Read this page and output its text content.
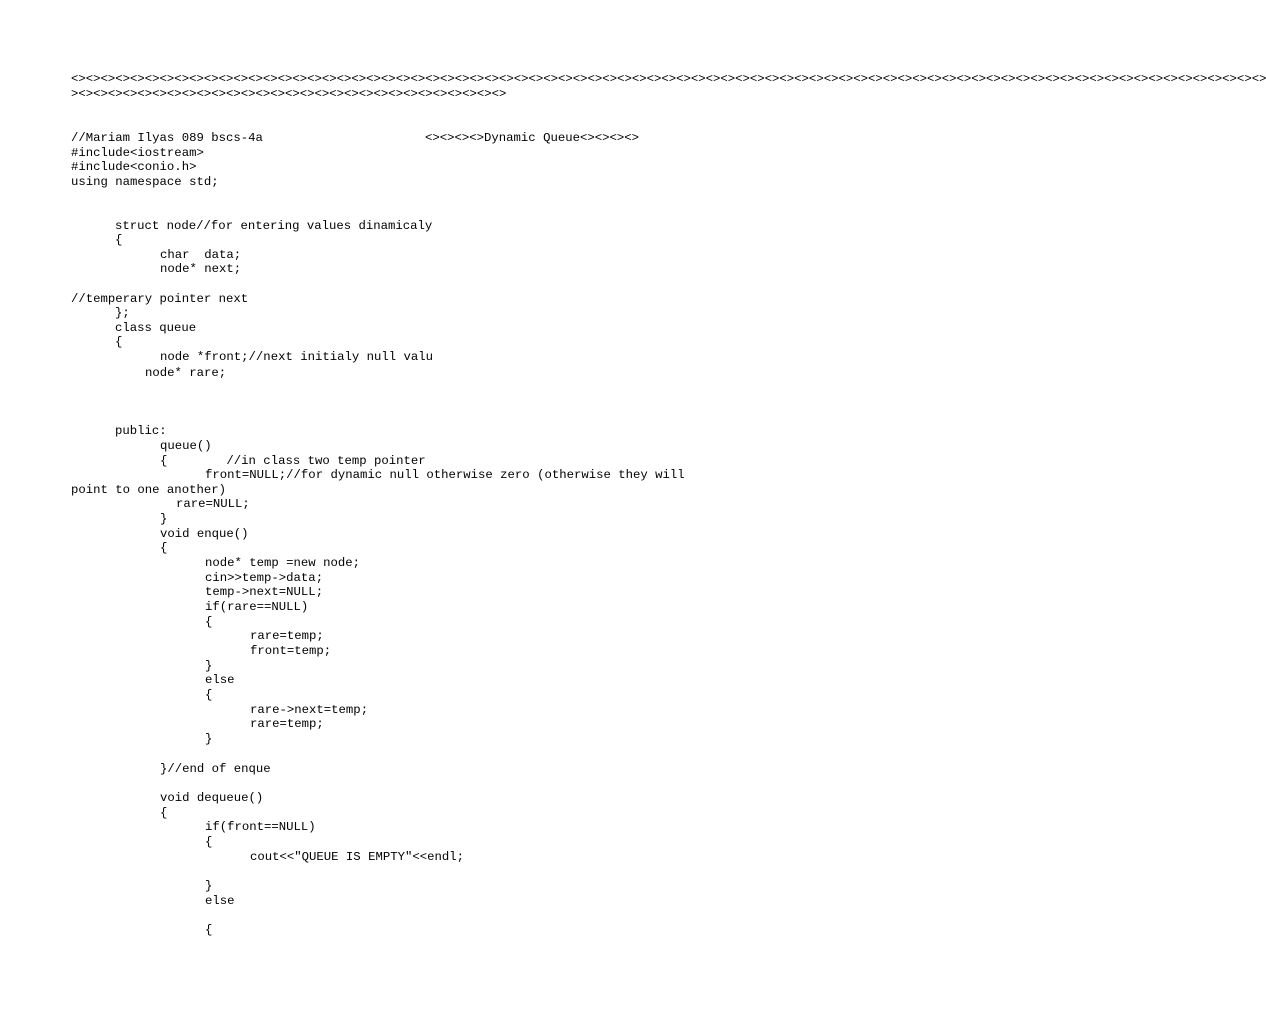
<><><><><><><><><><><><><><><><><><><><><><><><><><><><><><><><><><><><><><><><><><><><><><><><><><><><><><><><><><><><><><><><><><><><><><><><><><><><><><><><><>
><><><><><><><><><><><><><><><><><><><><><><><><><><><><><>
//Mariam Ilyas 089 bscs-4a	<><><><>Dynamic Queue<><><><>
#include<iostream>
#include<conio.h>
using namespace std;
struct node//for entering values dinamicaly
{
char  data;
node* next;
//temperary pointer next
};
class queue
{
node *front;//next initialy null valu
node* rare;
public:
queue()
{        //in class two temp pointer
front=NULL;//for dynamic null otherwise zero (otherwise they will
point to one another)
rare=NULL;
}
void enque()
{
node* temp =new node;
cin>>temp->data;
temp->next=NULL;
if(rare==NULL)
{
rare=temp;
front=temp;
}
else
{
rare->next=temp;
rare=temp;
}
}//end of enque
void dequeue()
{
if(front==NULL)
{
cout<<"QUEUE IS EMPTY"<<endl;
}
else
{
